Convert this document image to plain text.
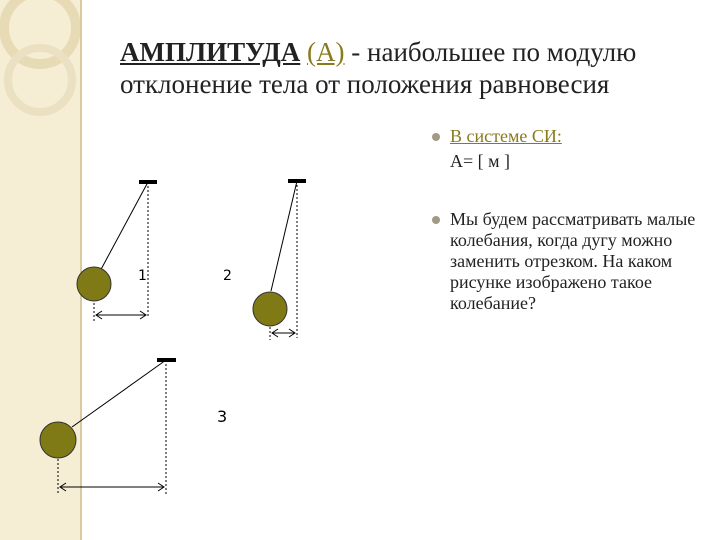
АМПЛИТУДА (А) - наибольшее по модулю отклонение тела от положения равновесия
В системе СИ:
А= [ м ]
Мы будем рассматривать малые колебания, когда дугу можно заменить отрезком. На каком рисунке изображено такое колебание?
1	2
3
